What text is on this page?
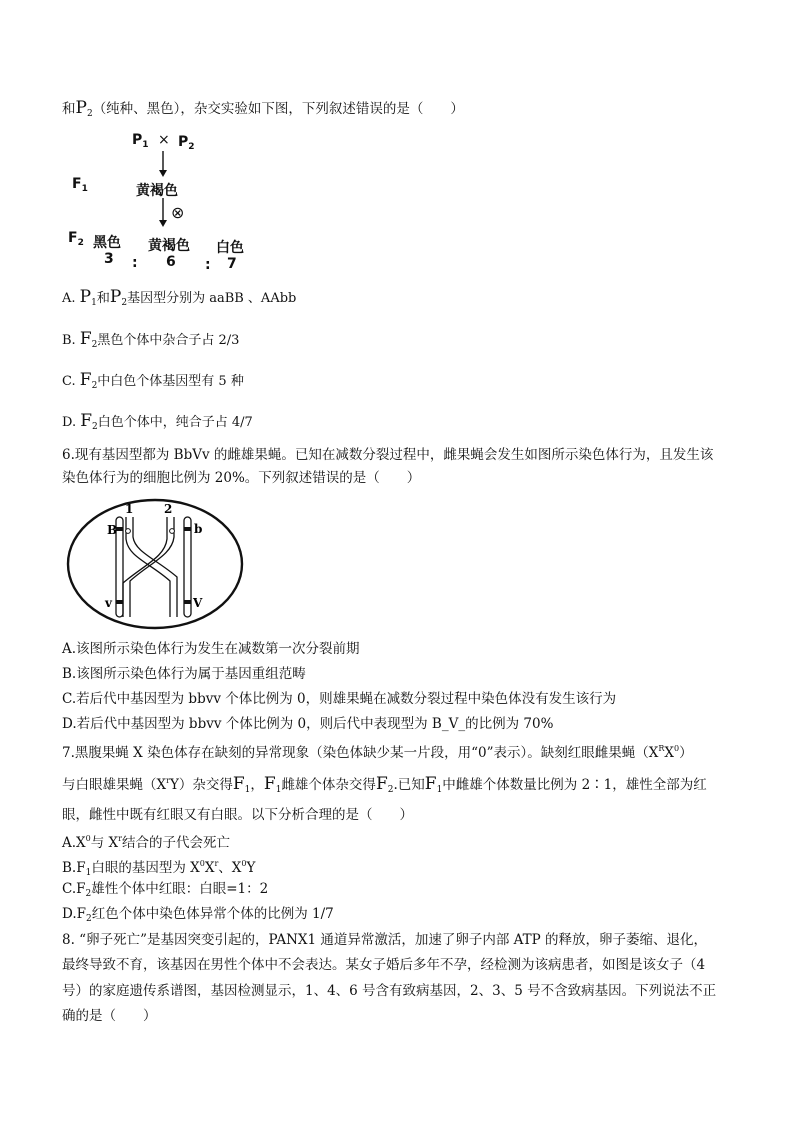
和$P_2$（纯种、黑色），杂交实验如下图，下列叙述错误的是（　　）
$P_1 \times P_2$
$F_1$	黄褐色
⊗
$F_2$ 黑色 黄褐色 白色
3 : 6 : 7
A. $P_1$和$P_2$基因型分别为 aaBB 、AAbb
B. $F_2$黑色个体中杂合子占 2/3
C. $F_2$中白色个体基因型有 5 种
D. $F_2$白色个体中，纯合子占 4/7
6.现有基因型都为 BbVv 的雌雄果蝇。已知在减数分裂过程中，雌果蝇会发生如图所示染色体行为，且发生该
染色体行为的细胞比例为 20%。下列叙述错误的是（　　）
B
1	2
b
v	V
A.该图所示染色体行为发生在减数第一次分裂前期
B.该图所示染色体行为属于基因重组范畴
C.若后代中基因型为 bbvv 个体比例为 0，则雄果蝇在减数分裂过程中染色体没有发生该行为
D.若后代中基因型为 bbvv 个体比例为 0，则后代中表现型为 B_V_的比例为 70%
7.黑腹果蝇 X 染色体存在缺刻的异常现象（染色体缺少某一片段，用“0”表示）。缺刻红眼雌果蝇$(X^RX^0)$
与白眼雄果蝇$(X^rY)$杂交得$F_1$，$F_1$雌雄个体杂交得$F_2$.已知$F_1$中雌雄个体数量比例为 2∶1，雄性全部为红
眼，雌性中既有红眼又有白眼。以下分析合理的是（　　）
$A.X^0$与 $X^r$结合的子代会死亡
$B.F_1$白眼的基因型为 $X^0X^r$、$X^0Y$
$C.F_2$雄性个体中红眼：白眼=1：2
$D.F_2$红色个体中染色体异常个体的比例为 1/7
8. “卵子死亡”是基因突变引起的，PANX1 通道异常激活，加速了卵子内部 ATP 的释放，卵子萎缩、退化，
最终导致不育，该基因在男性个体中不会表达。某女子婚后多年不孕，经检测为该病患者，如图是该女子（4
号）的家庭遗传系谱图，基因检测显示，1、4、6 号含有致病基因，2、3、5 号不含致病基因。下列说法不正
确的是（　　）
